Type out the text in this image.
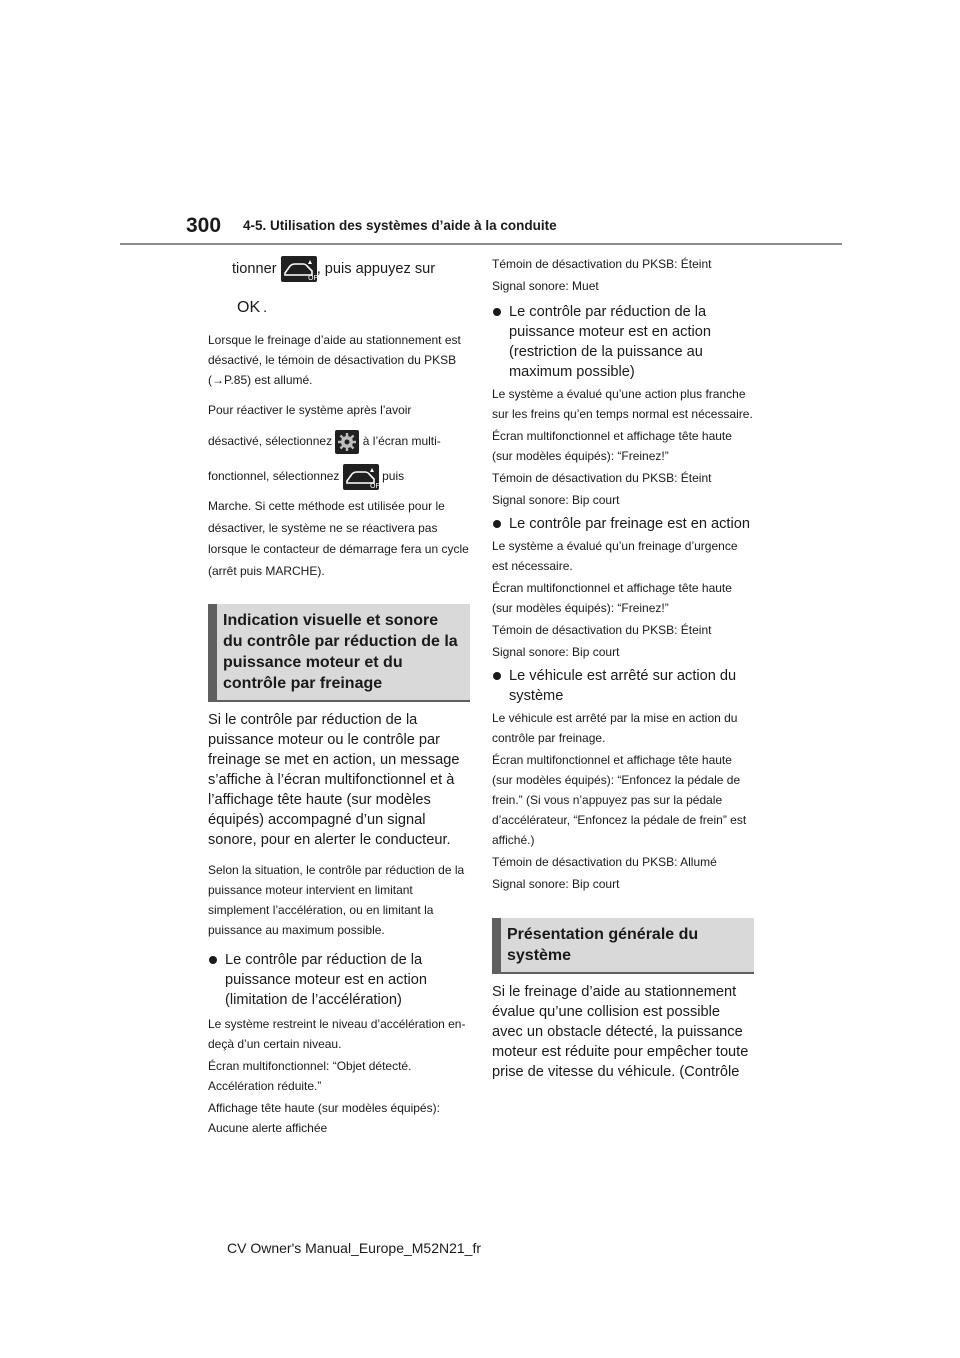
300 4-5. Utilisation des systèmes d’aide à la conduite

tionner
OFF
, puis appuyez sur

OK .

Lorsque le freinage d’aide au stationnement est désactivé, le témoin de désactivation du PKSB (→P.85) est allumé.

Pour réactiver le système après l’avoir

désactivé, sélectionnez	à l’écran multi-

fonctionnel, sélectionnez
OFF
puis

Marche. Si cette méthode est utilisée pour le désactiver, le système ne se réactivera pas lorsque le contacteur de démarrage fera un cycle (arrêt puis MARCHE).

Indication visuelle et sonore du contrôle par réduction de la puissance moteur et du contrôle par freinage

Si le contrôle par réduction de la puissance moteur ou le contrôle par freinage se met en action, un message s’affiche à l’écran multifonctionnel et à l’affichage tête haute (sur modèles équipés) accompagné d’un signal sonore, pour en alerter le conducteur.

Selon la situation, le contrôle par réduction de la puissance moteur intervient en limitant simplement l’accélération, ou en limitant la puissance au maximum possible.

Le contrôle par réduction de la puissance moteur est en action (limitation de l’accélération)

Le système restreint le niveau d’accélération en-deçà d’un certain niveau.

Écran multifonctionnel: “Objet détecté. Accélération réduite.”

Affichage tête haute (sur modèles équipés): Aucune alerte affichée

Témoin de désactivation du PKSB: Éteint

Signal sonore: Muet

Le contrôle par réduction de la puissance moteur est en action (restriction de la puissance au maximum possible)

Le système a évalué qu’une action plus franche sur les freins qu’en temps normal est nécessaire.

Écran multifonctionnel et affichage tête haute (sur modèles équipés): “Freinez!”

Témoin de désactivation du PKSB: Éteint

Signal sonore: Bip court

Le contrôle par freinage est en action

Le système a évalué qu’un freinage d’urgence est nécessaire.

Écran multifonctionnel et affichage tête haute (sur modèles équipés): “Freinez!”

Témoin de désactivation du PKSB: Éteint

Signal sonore: Bip court

Le véhicule est arrêté sur action du système

Le véhicule est arrêté par la mise en action du contrôle par freinage.

Écran multifonctionnel et affichage tête haute (sur modèles équipés): “Enfoncez la pédale de frein.” (Si vous n’appuyez pas sur la pédale d’accélérateur, “Enfoncez la pédale de frein” est affiché.)

Témoin de désactivation du PKSB: Allumé

Signal sonore: Bip court

Présentation générale du système

Si le freinage d’aide au stationnement évalue qu’une collision est possible avec un obstacle détecté, la puissance moteur est réduite pour empêcher toute prise de vitesse du véhicule. (Contrôle

CV Owner's Manual_Europe_M52N21_fr
